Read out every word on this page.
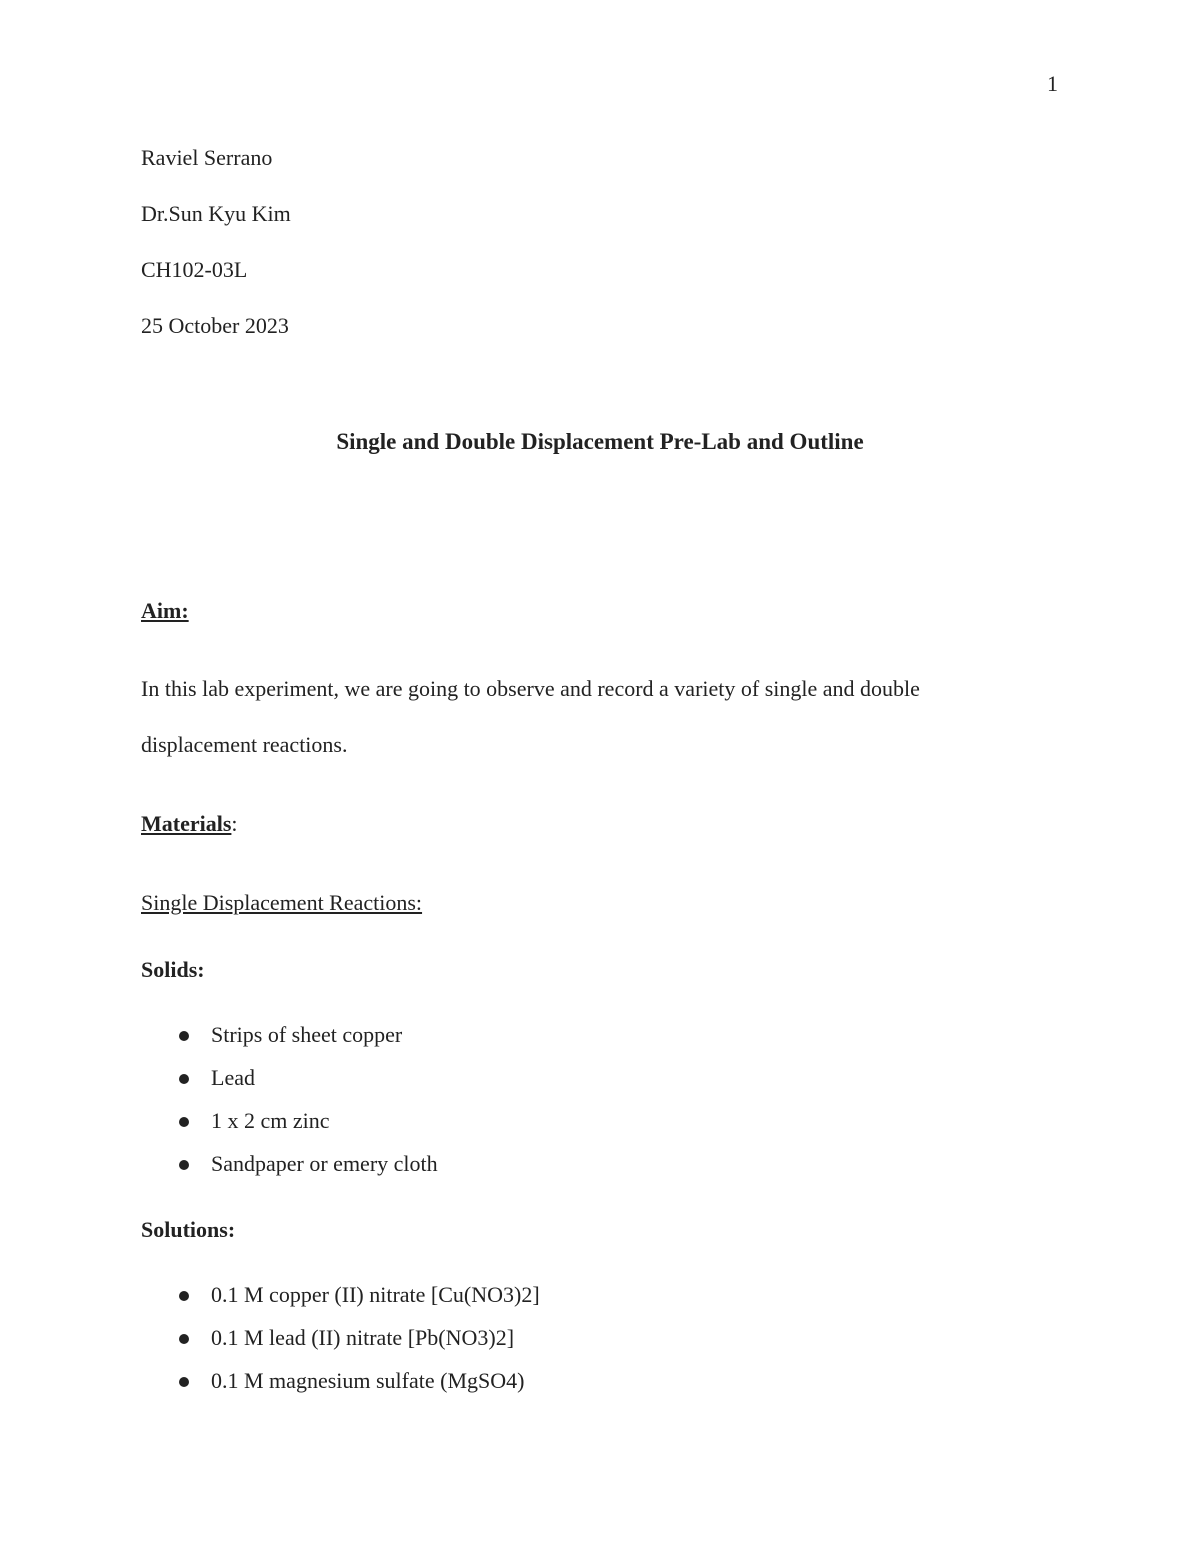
1

Raviel Serrano

Dr.Sun Kyu Kim

CH102-03L

25 October 2023

Single and Double Displacement Pre-Lab and Outline

Aim:

In this lab experiment, we are going to observe and record a variety of single and double

displacement reactions.

Materials:

Single Displacement Reactions:

Solids:

Strips of sheet copper
Lead
1 x 2 cm zinc
Sandpaper or emery cloth

Solutions:

0.1 M copper (II) nitrate [Cu(NO3)2]
0.1 M lead (II) nitrate [Pb(NO3)2]
0.1 M magnesium sulfate (MgSO4)
